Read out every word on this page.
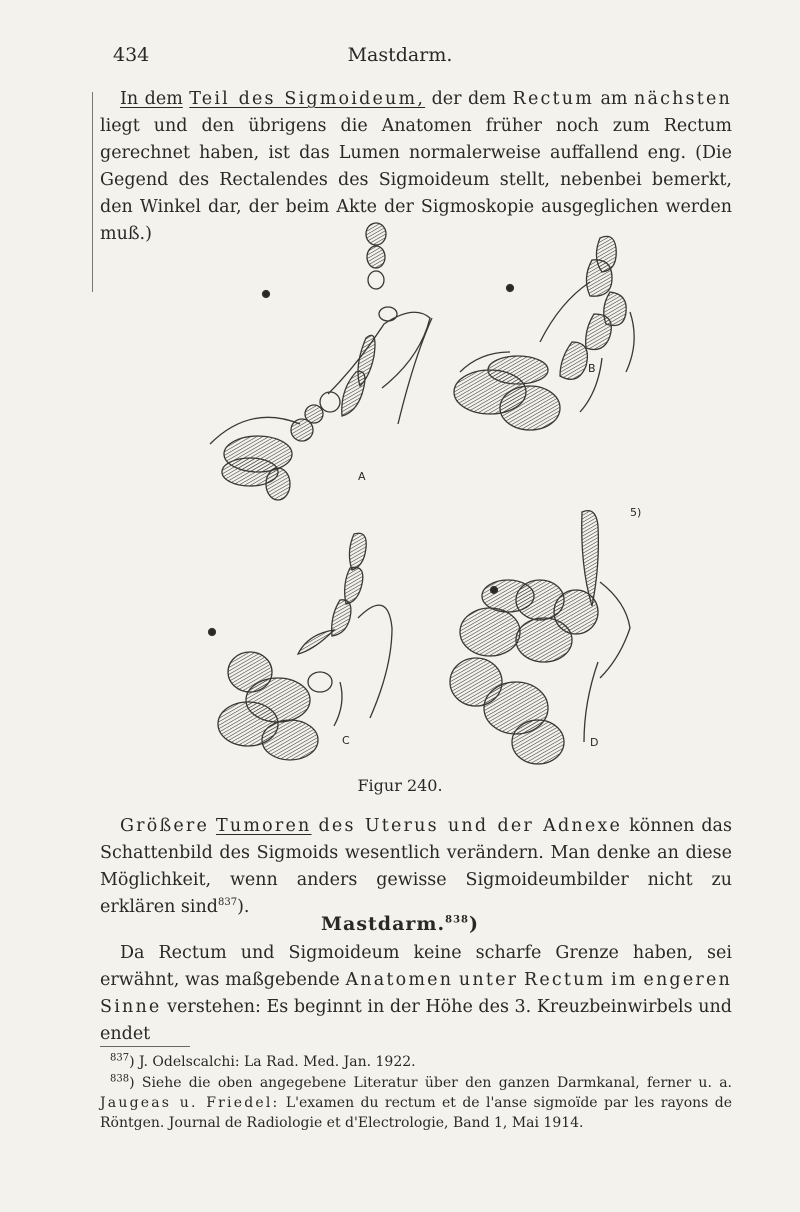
434	Mastdarm.
In dem Teil des Sigmoideum, der dem Rectum am nächsten liegt und den übrigens die Anatomen früher noch zum Rectum gerechnet haben, ist das Lumen normalerweise auffallend eng. (Die Gegend des Rectalendes des Sigmoideum stellt, nebenbei bemerkt, den Winkel dar, der beim Akte der Sigmoskopie ausgeglichen werden muß.)
A
B
C	D
5)
Figur 240.
Größere Tumoren des Uterus und der Adnexe können das Schattenbild des Sigmoids wesentlich verändern. Man denke an diese Möglichkeit, wenn anders gewisse Sigmoideumbilder nicht zu erklären sind$^{837}$).
Mastdarm.$^{838}$)
Da Rectum und Sigmoideum keine scharfe Grenze haben, sei erwähnt, was maßgebende Anatomen unter Rectum im engeren Sinne verstehen: Es beginnt in der Höhe des 3. Kreuzbeinwirbels und endet
$^{837}$) J. Odelscalchi: La Rad. Med. Jan. 1922.
$^{838}$) Siehe die oben angegebene Literatur über den ganzen Darmkanal, ferner u. a. Jaugeas u. Friedel: L'examen du rectum et de l'anse sigmoïde par les rayons de Röntgen. Journal de Radiologie et d'Electrologie, Band 1, Mai 1914.
